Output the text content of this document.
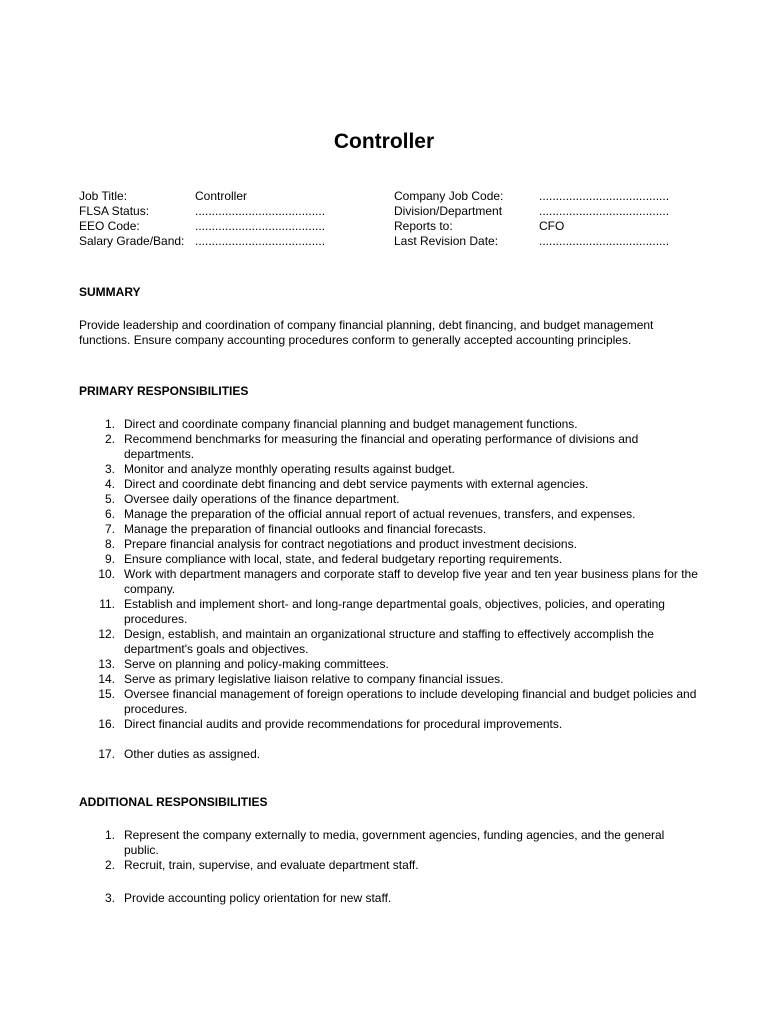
Controller
Job Title:	Controller
FLSA Status:	.......................................
EEO Code:	.......................................
Salary Grade/Band: .......................................
Company Job Code:	.......................................
Division/Department	.......................................
Reports to:	CFO
Last Revision Date:	.......................................
SUMMARY
Provide leadership and coordination of company financial planning, debt financing, and budget management functions. Ensure company accounting procedures conform to generally accepted accounting principles.
PRIMARY RESPONSIBILITIES
1. Direct and coordinate company financial planning and budget management functions.
2. Recommend benchmarks for measuring the financial and operating performance of divisions and departments.
3. Monitor and analyze monthly operating results against budget.
4. Direct and coordinate debt financing and debt service payments with external agencies.
5. Oversee daily operations of the finance department.
6. Manage the preparation of the official annual report of actual revenues, transfers, and expenses.
7. Manage the preparation of financial outlooks and financial forecasts.
8. Prepare financial analysis for contract negotiations and product investment decisions.
9. Ensure compliance with local, state, and federal budgetary reporting requirements.
10. Work with department managers and corporate staff to develop five year and ten year business plans for the company.
11. Establish and implement short- and long-range departmental goals, objectives, policies, and operating procedures.
12. Design, establish, and maintain an organizational structure and staffing to effectively accomplish the department's goals and objectives.
13. Serve on planning and policy-making committees.
14. Serve as primary legislative liaison relative to company financial issues.
15. Oversee financial management of foreign operations to include developing financial and budget policies and procedures.
16. Direct financial audits and provide recommendations for procedural improvements.
17. Other duties as assigned.
ADDITIONAL RESPONSIBILITIES
1. Represent the company externally to media, government agencies, funding agencies, and the general public.
2. Recruit, train, supervise, and evaluate department staff.
3. Provide accounting policy orientation for new staff.
